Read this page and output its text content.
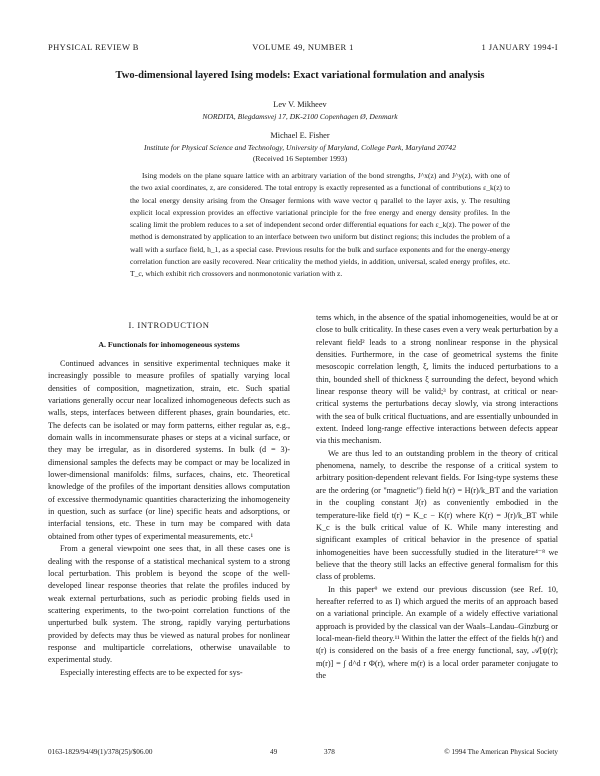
PHYSICAL REVIEW B	VOLUME 49, NUMBER 1	1 JANUARY 1994-I
Two-dimensional layered Ising models: Exact variational formulation and analysis
Lev V. Mikheev
NORDITA, Blegdamsvej 17, DK-2100 Copenhagen Ø, Denmark
Michael E. Fisher
Institute for Physical Science and Technology, University of Maryland, College Park, Maryland 20742
(Received 16 September 1993)

Ising models on the plane square lattice with an arbitrary variation of the bond strengths, J^x(z) and J^y(z), with one of the two axial coordinates, z, are considered. The total entropy is exactly represented as a functional of contributions ε_k(z) to the local energy density arising from the Onsager fermions with wave vector q parallel to the layer axis, y. The resulting explicit local expression provides an effective variational principle for the free energy and energy density profiles. In the scaling limit the problem reduces to a set of independent second order differential equations for each ε_k(z). The power of the method is demonstrated by application to an interface between two uniform but distinct regions; this includes the problem of a wall with a surface field, h_1, as a special case. Previous results for the bulk and surface exponents and for the energy-energy correlation function are easily recovered. Near criticality the method yields, in addition, universal, scaled energy profiles, etc. T_c, which exhibit rich crossovers and nonmonotonic variation with z.

I. INTRODUCTION
A. Functionals for inhomogeneous systems

Continued advances in sensitive experimental techniques make it increasingly possible to measure profiles of spatially varying local densities of composition, magnetization, strain, etc. Such spatial variations generally occur near localized inhomogeneous defects such as walls, steps, interfaces between different phases, grain boundaries, etc. The defects can be isolated or may form patterns, either regular as, e.g., domain walls in incommensurate phases or steps at a vicinal surface, or they may be irregular, as in disordered systems. In bulk (d = 3)-dimensional samples the defects may be compact or may be localized in lower-dimensional manifolds: films, surfaces, chains, etc. Theoretical knowledge of the profiles of the important densities allows computation of excessive thermodynamic quantities characterizing the inhomogeneity in question, such as surface (or line) specific heats and adsorptions, or interfacial tensions, etc. These in turn may be compared with data obtained from other types of experimental measurements, etc.¹

From a general viewpoint one sees that, in all these cases one is dealing with the response of a statistical mechanical system to a strong local perturbation. This problem is beyond the scope of the well-developed linear response theories that relate the profiles induced by weak external perturbations, such as periodic probing fields used in scattering experiments, to the two-point correlation functions of the unperturbed bulk system. The strong, rapidly varying perturbations provided by defects may thus be viewed as natural probes for nonlinear response and multiparticle correlations, otherwise unavailable to experimental study.

Especially interesting effects are to be expected for sys-

tems which, in the absence of the spatial inhomogeneities, would be at or close to bulk criticality. In these cases even a very weak perturbation by a relevant field² leads to a strong nonlinear response in the physical densities. Furthermore, in the case of geometrical systems the finite mesoscopic correlation length, ξ, limits the induced perturbations to a thin, bounded shell of thickness ξ surrounding the defect, beyond which linear response theory will be valid;³ by contrast, at critical or near-critical systems the perturbations decay slowly, via strong interactions with the sea of bulk critical fluctuations, and are essentially unbounded in extent. Indeed long-range effective interactions between defects appear via this mechanism.

We are thus led to an outstanding problem in the theory of critical phenomena, namely, to describe the response of a critical system to arbitrary position-dependent relevant fields. For Ising-type systems these are the ordering (or "magnetic") field h(r) = H(r)/k_BT and the variation in the coupling constant J(r) as conveniently embodied in the temperature-like field t(r) = K_c − K(r) where K(r) = J(r)/k_BT while K_c is the bulk critical value of K. While many interesting and significant examples of critical behavior in the presence of spatial inhomogeneities have been successfully studied in the literature⁴⁻⁸ we believe that the theory still lacks an effective general formalism for this class of problems.

In this paper⁹ we extend our previous discussion (see Ref. 10, hereafter referred to as I) which argued the merits of an approach based on a variational principle. An example of a widely effective variational approach is provided by the classical van der Waals–Landau–Ginzburg or local-mean-field theory.¹¹ Within the latter the effect of the fields h(r) and t(r) is considered on the basis of a free energy functional, say, 𝒜[ψ(r); m(r)] = ∫ d^d r Φ(r), where m(r) is a local order parameter conjugate to the

0163-1829/94/49(1)/378(25)/$06.00	49	378	© 1994 The American Physical Society
